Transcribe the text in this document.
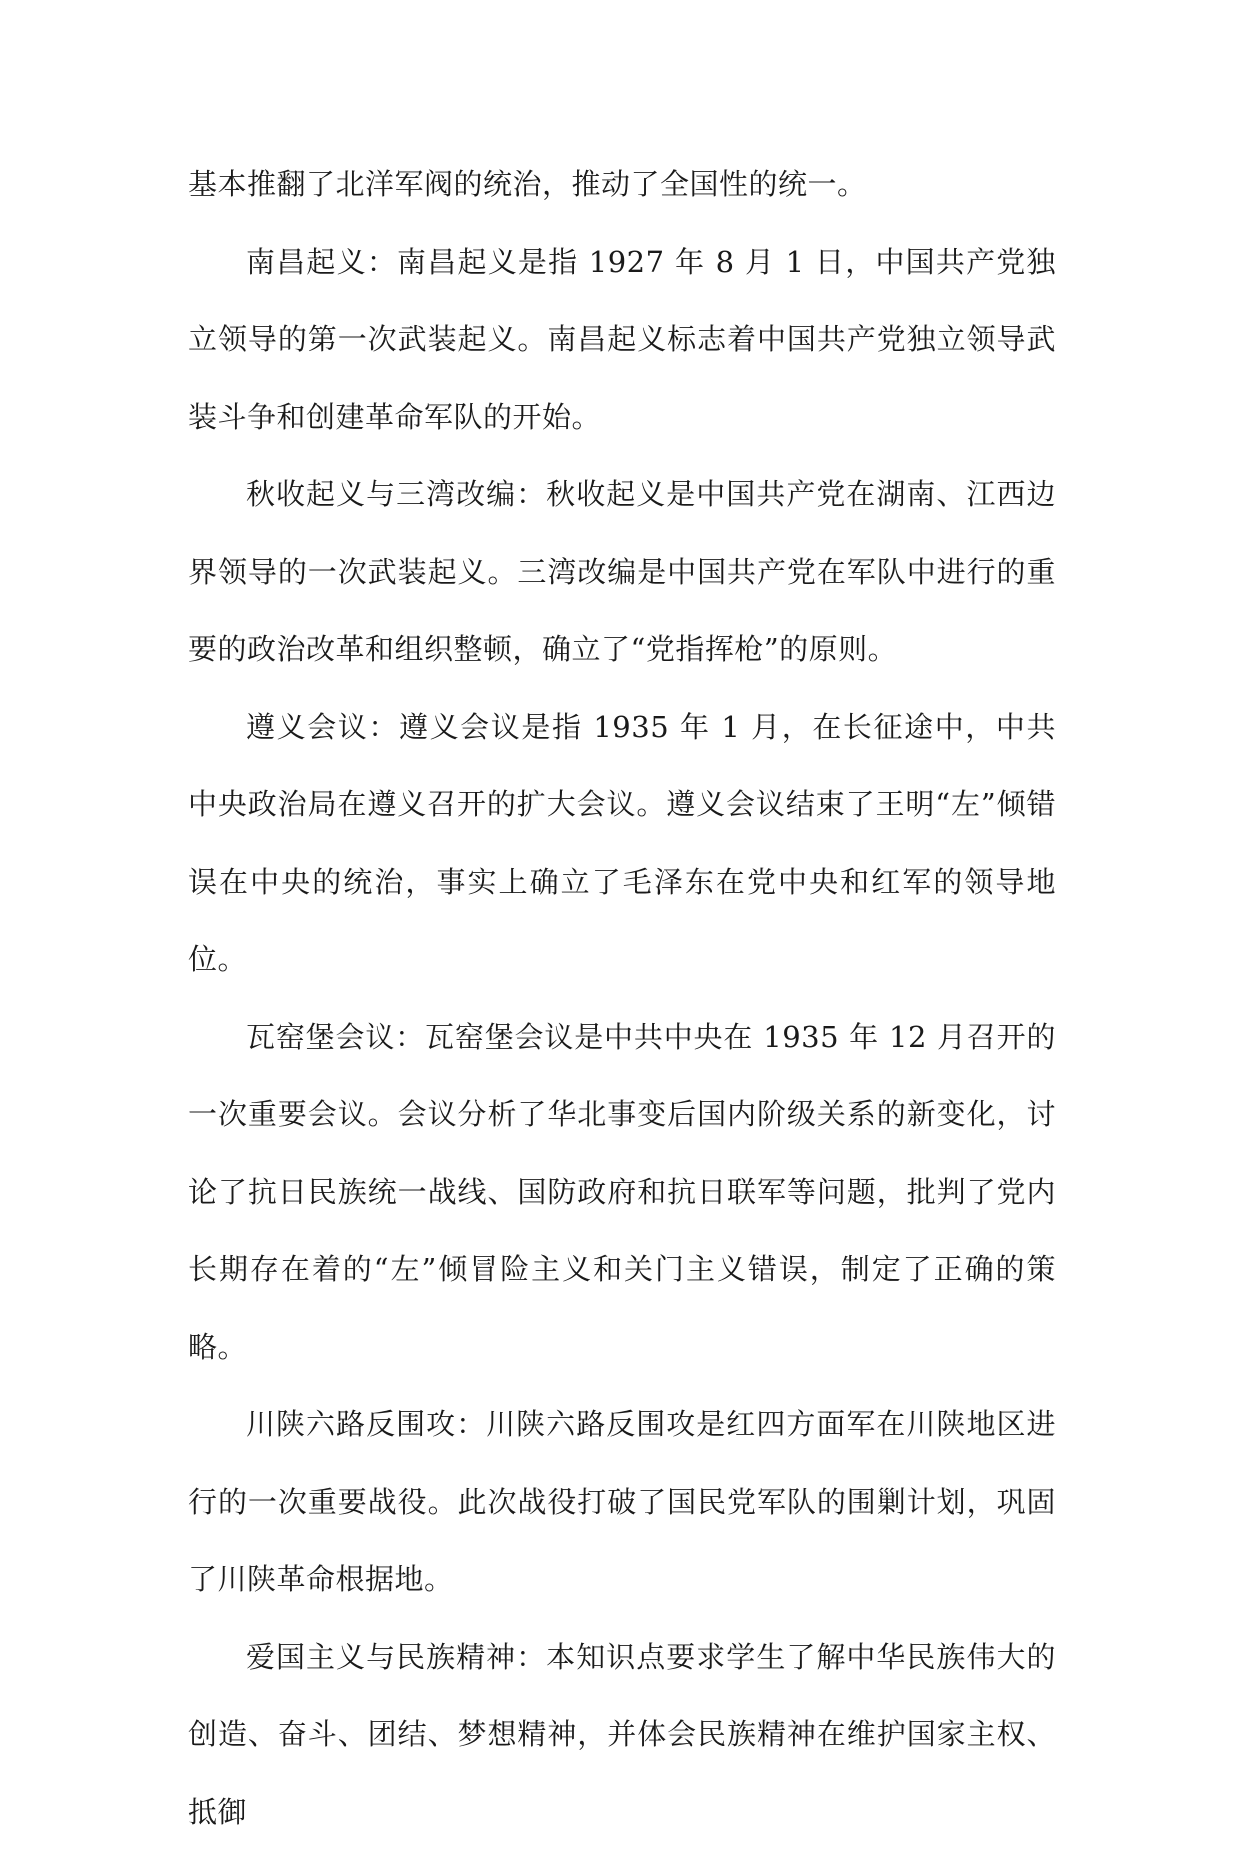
基本推翻了北洋军阀的统治，推动了全国性的统一。

南昌起义：南昌起义是指 1927 年 8 月 1 日，中国共产党独立领导的第一次武装起义。南昌起义标志着中国共产党独立领导武装斗争和创建革命军队的开始。

秋收起义与三湾改编：秋收起义是中国共产党在湖南、江西边界领导的一次武装起义。三湾改编是中国共产党在军队中进行的重要的政治改革和组织整顿，确立了“党指挥枪”的原则。

遵义会议：遵义会议是指 1935 年 1 月，在长征途中，中共中央政治局在遵义召开的扩大会议。遵义会议结束了王明“左”倾错误在中央的统治，事实上确立了毛泽东在党中央和红军的领导地位。

瓦窑堡会议：瓦窑堡会议是中共中央在 1935 年 12 月召开的一次重要会议。会议分析了华北事变后国内阶级关系的新变化，讨论了抗日民族统一战线、国防政府和抗日联军等问题，批判了党内长期存在着的“左”倾冒险主义和关门主义错误，制定了正确的策略。

川陕六路反围攻：川陕六路反围攻是红四方面军在川陕地区进行的一次重要战役。此次战役打破了国民党军队的围剿计划，巩固了川陕革命根据地。

爱国主义与民族精神：本知识点要求学生了解中华民族伟大的创造、奋斗、团结、梦想精神，并体会民族精神在维护国家主权、抵御
